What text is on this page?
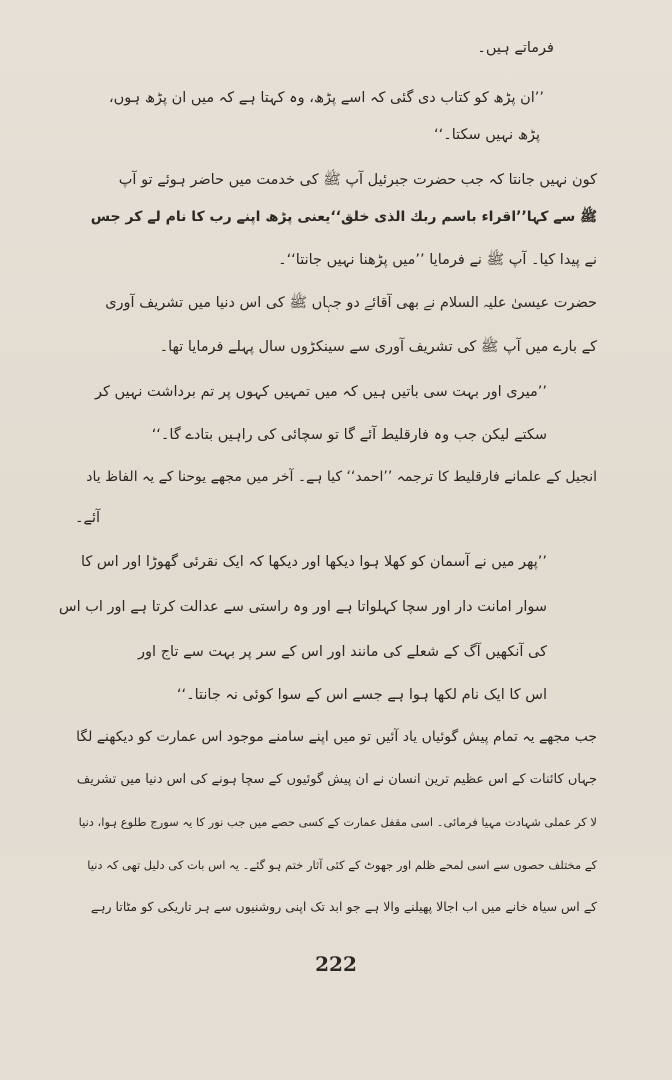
فرماتے ہیں۔
’’ان پڑھ کو کتاب دی گئی کہ اسے پڑھ، وہ کہتا ہے کہ میں ان پڑھ ہوں،
پڑھ نہیں سکتا۔‘‘
کون نہیں جانتا کہ جب حضرت جبرئیل آپ ﷺ کی خدمت میں حاضر ہوئے تو آپ
ﷺ سے کہا’’اقراء باسم ربك الذی خلق‘‘یعنی پڑھ اپنے رب کا نام لے کر جس
نے پیدا کیا۔ آپ ﷺ نے فرمایا ’’میں پڑھنا نہیں جانتا‘‘۔
حضرت عیسیٰ علیہ السلام نے بھی آقائے دو جہاں ﷺ کی اس دنیا میں تشریف آوری
کے بارے میں آپ ﷺ کی تشریف آوری سے سینکڑوں سال پہلے فرمایا تھا۔
’’میری اور بہت سی باتیں ہیں کہ میں تمہیں کہوں پر تم برداشت نہیں کر
سکتے لیکن جب وہ فارقلیط آئے گا تو سچائی کی راہیں بتادے گا۔‘‘
انجیل کے علمانے فارقلیط کا ترجمہ ’’احمد‘‘ کیا ہے۔ آخر میں مجھے یوحنا کے یہ الفاظ یاد
آئے۔
’’پھر میں نے آسمان کو کھلا ہوا دیکھا اور دیکھا کہ ایک نقرئی گھوڑا اور اس کا
سوار امانت دار اور سچا کہلواتا ہے اور وہ راستی سے عدالت کرتا ہے اور اب اس
کی آنکھیں آگ کے شعلے کی مانند اور اس کے سر پر بہت سے تاج اور
اس کا ایک نام لکھا ہوا ہے جسے اس کے سوا کوئی نہ جانتا۔‘‘
جب مجھے یہ تمام پیش گوئیاں یاد آئیں تو میں اپنے سامنے موجود اس عمارت کو دیکھنے لگا
جہاں کائنات کے اس عظیم ترین انسان نے ان پیش گوئیوں کے سچا ہونے کی اس دنیا میں تشریف
لا کر عملی شہادت مہیا فرمائی۔ اسی مقفل عمارت کے کسی حصے میں جب نور کا یہ سورج طلوع ہوا، دنیا
کے مختلف حصوں سے اسی لمحے ظلم اور جھوٹ کے کئی آثار ختم ہو گئے۔ یہ اس بات کی دلیل تھی کہ دنیا
کے اس سیاہ خانے میں اب اجالا پھیلنے والا ہے جو ابد تک اپنی روشنیوں سے ہر تاریکی کو مٹاتا رہے
222
